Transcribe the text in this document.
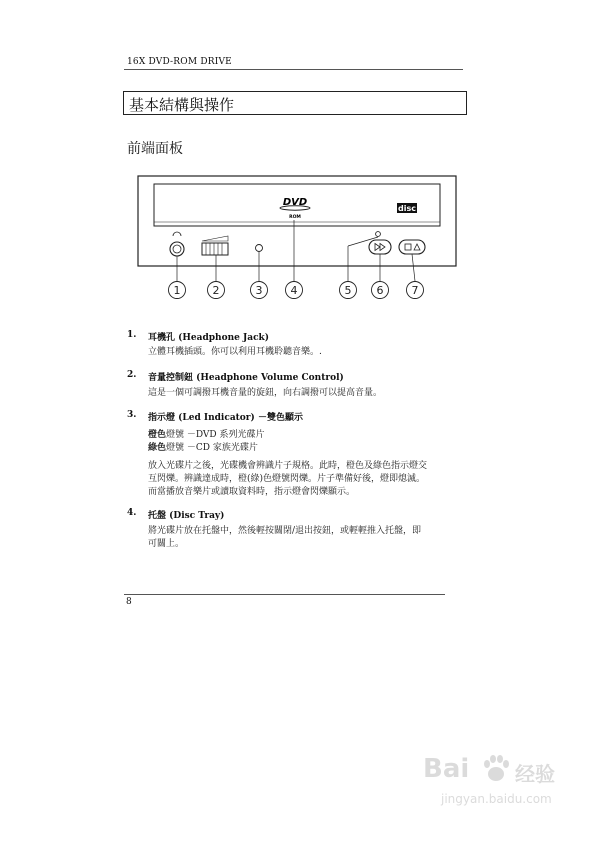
16X DVD-ROM DRIVE
基本結構與操作
前端面板
DVD
ROM
disc
1	2	3	4	5 6	7
1. 耳機孔 (Headphone Jack)
立體耳機插頭。你可以利用耳機聆聽音樂。.
2. 音量控制鈕 (Headphone Volume Control)
這是一個可調撥耳機音量的旋鈕，向右調撥可以提高音量。
3. 指示燈 (Led Indicator) －雙色顯示
橙色燈號 －DVD 系列光碟片
綠色燈號 －CD 家族光碟片
放入光碟片之後，光碟機會辨識片子規格。此時，橙色及綠色指示燈交
互閃爍。辨識達成時，橙(綠)色燈號閃爍。片子準備好後，燈即熄滅。
而當播放音樂片或讀取資料時，指示燈會閃爍顯示。
4. 托盤 (Disc Tray)
將光碟片放在托盤中，然後輕按關閉/退出按鈕，或輕輕推入托盤，即
可關上。
8
Bai 经验
jingyan.baidu.com
